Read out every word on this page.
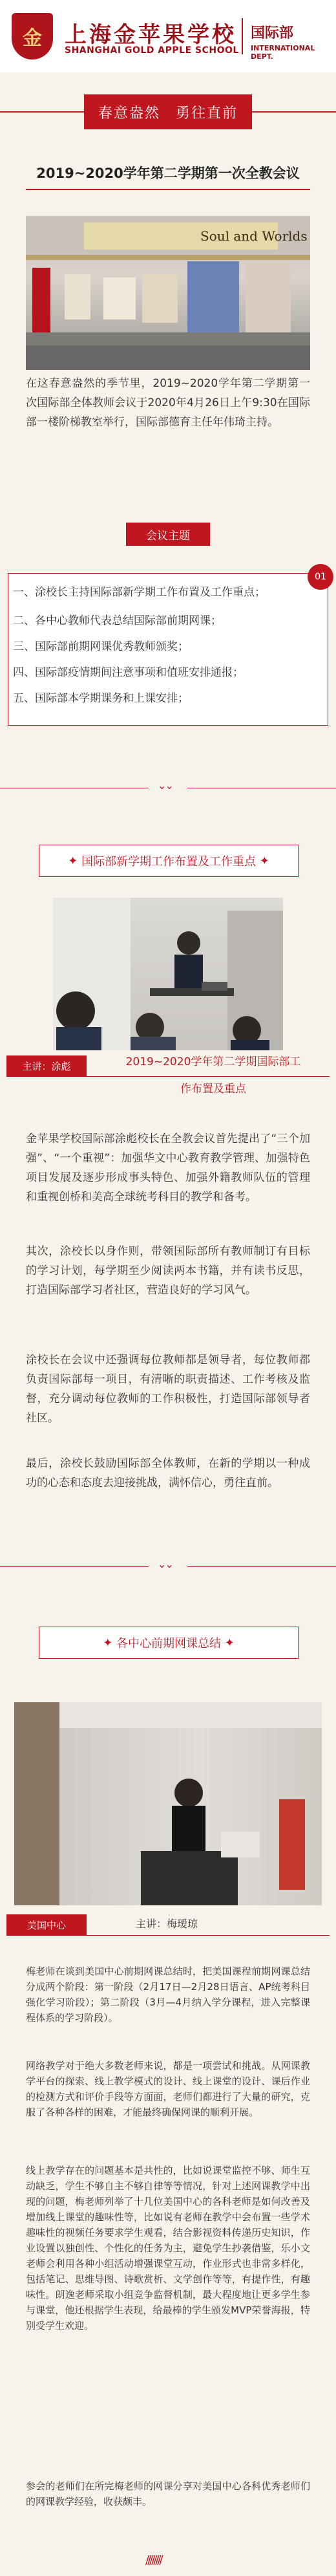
金 上海金苹果学校
SHANGHAI GOLD APPLE SCHOOL
国际部
INTERNATIONAL DEPT.
春意盎然　勇往直前
2019~2020学年第二学期第一次全教会议
Soul and Worlds
在这春意盎然的季节里，2019~2020学年第二学期第一次国际部全体教师会议于2020年4月26日上午9:30在国际部一楼阶梯教室举行，国际部德育主任年伟琦主持。
会议主题
01
一、涂校长主持国际部新学期工作布置及工作重点；
二、各中心教师代表总结国际部前期网课；
三、国际部前期网课优秀教师颁奖；
四、国际部疫情期间注意事项和值班安排通报；
五、国际部本学期课务和上课安排；
⌄⌄
✦ 国际部新学期工作布置及工作重点 ✦
主讲：涂彪	2019~2020学年第二学期国际部工
作布置及重点
金苹果学校国际部涂彪校长在全教会议首先提出了“三个加强”、“一个重视”：加强华文中心教育教学管理、加强特色项目发展及逐步形成事头特色、加强外籍教师队伍的管理和重视创桥和美高全球统考科目的教学和备考。
其次，涂校长以身作则，带领国际部所有教师制订有目标的学习计划，每学期至少阅读两本书籍，并有读书反思，打造国际部学习者社区，营造良好的学习风气。
涂校长在会议中还强调每位教师都是领导者，每位教师都负责国际部每一项目，有清晰的职责描述、工作考核及监督，充分调动每位教师的工作积极性，打造国际部领导者社区。
最后，涂校长鼓励国际部全体教师，在新的学期以一种成功的心态和态度去迎接挑战，满怀信心，勇往直前。
⌄⌄
✦ 各中心前期网课总结 ✦
美国中心	主讲：梅瑷琼
梅老师在谈到美国中心前期网课总结时，把美国课程前期网课总结分成两个阶段：第一阶段（2月17日—2月28日语言、AP统考科目强化学习阶段）；第二阶段（3月—4月纳入学分课程，进入完整课程体系的学习阶段）。
网络教学对于绝大多数老师来说，都是一项尝试和挑战。从网课教学平台的探索、线上教学模式的设计、线上课堂的设计、课后作业的检测方式和评价手段等方面面，老师们都进行了大量的研究，克服了各种各样的困难，才能最终确保网课的顺利开展。
线上教学存在的问题基本是共性的，比如说课堂监控不够、师生互动缺乏，学生不够自主不够自律等等情况，针对上述网课教学中出现的问题，梅老师列举了十几位美国中心的各科老师是如何改善及增加线上课堂的趣味性等，比如说有老师在教学中会布置一些学术趣味性的视频任务要求学生观看，结合影视资料传递历史知识，作业设置以独创性、个性化的任务为主，避免学生抄袭借鉴，乐小文老师会利用各种小组活动增强课堂互动，作业形式也非常多样化，包括笔记、思维导图、诗歌赏析、文学创作等等，有提作性，有趣味性。朗逸老师采取小组竞争监督机制，最大程度地让更多学生参与课堂，他还根据学生表现，给最棒的学生颁发MVP荣誉海报，特别受学生欢迎。
参会的老师们在所完梅老师的网课分享对美国中心各科优秀老师们的网课教学经验，收获颇丰。
////////
